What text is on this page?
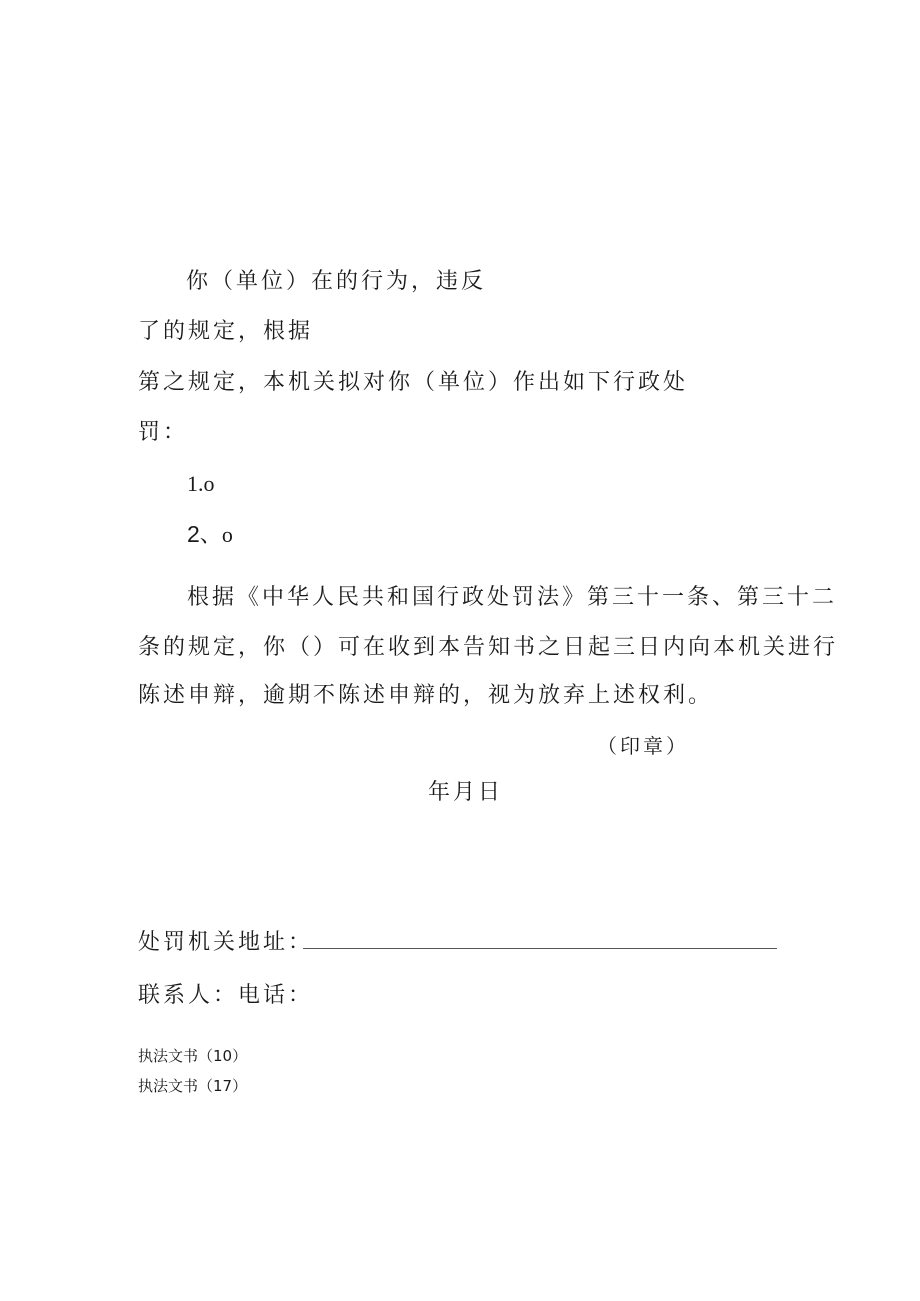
你（单位）在的行为，违反
了的规定，根据
第之规定，本机关拟对你（单位）作出如下行政处
罚：
1.o
2、o
根据《中华人民共和国行政处罚法》第三十一条、第三十二
条的规定，你（）可在收到本告知书之日起三日内向本机关进行
陈述申辩，逾期不陈述申辩的，视为放弃上述权利。
（印章）
年月日
处罚机关地址：
联系人：电话：
执法文书（10）
执法文书（17）
